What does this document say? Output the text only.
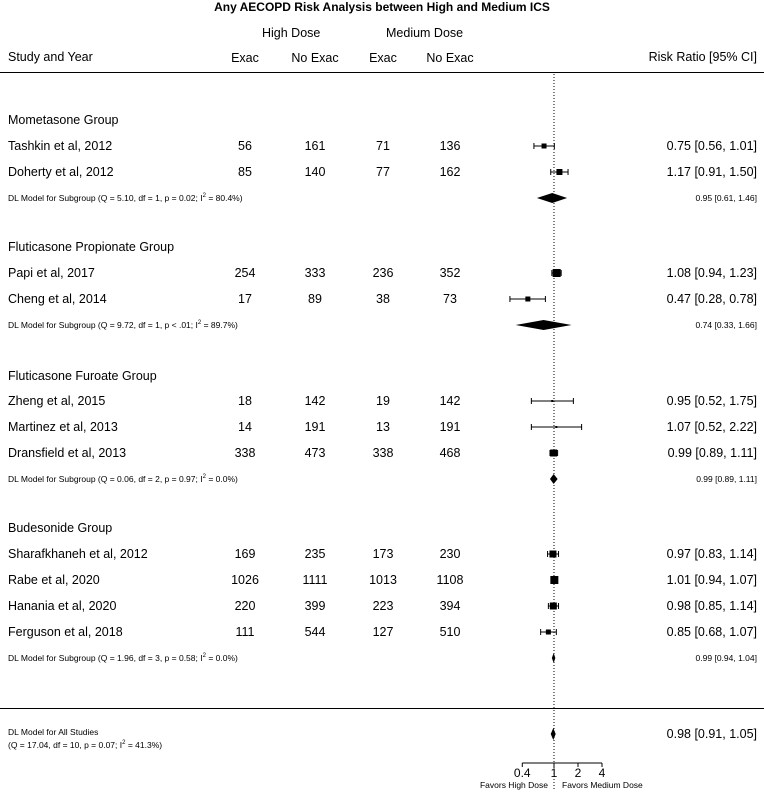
Any AECOPD Risk Analysis between High and Medium ICS
High Dose	Medium Dose
Study and Year	Exac	No Exac	Exac	No Exac	Risk Ratio [95% CI]
Mometasone Group
Tashkin et al, 2012	56	161	71	136	0.75 [0.56, 1.01]
Doherty et al, 2012	85	140	77	162	1.17 [0.91, 1.50]
DL Model for Subgroup (Q = 5.10, df = 1, p = 0.02; $I^2 = 80.4\%$)	0.95 [0.61, 1.46]
Fluticasone Propionate Group
Papi et al, 2017	254	333	236	352	1.08 [0.94, 1.23]
Cheng et al, 2014	17	89	38	73	0.47 [0.28, 0.78]
DL Model for Subgroup (Q = 9.72, df = 1, p < .01; $I^2 = 89.7\%$)	0.74 [0.33, 1.66]
Fluticasone Furoate Group
Zheng et al, 2015	18	142	19	142	0.95 [0.52, 1.75]
Martinez et al, 2013	14	191	13	191	1.07 [0.52, 2.22]
Dransfield et al, 2013	338	473	338	468	0.99 [0.89, 1.11]
DL Model for Subgroup (Q = 0.06, df = 2, p = 0.97; $I^2 = 0.0\%$)	0.99 [0.89, 1.11]
Budesonide Group
Sharafkhaneh et al, 2012	169	235	173	230	0.97 [0.83, 1.14]
Rabe et al, 2020	1026	1111	1013	1108	1.01 [0.94, 1.07]
Hanania et al, 2020	220	399	223	394	0.98 [0.85, 1.14]
Ferguson et al, 2018	111	544	127	510	0.85 [0.68, 1.07]
DL Model for Subgroup (Q = 1.96, df = 3, p = 0.58; $I^2 = 0.0\%$)	0.99 [0.94, 1.04]
DL Model for All Studies
(Q = 17.04, df = 10, p = 0.07; $I^2 = 41.3\%$)
0.98 [0.91, 1.05]
0.4 1 2 4
Favors High Dose Favors Medium Dose
